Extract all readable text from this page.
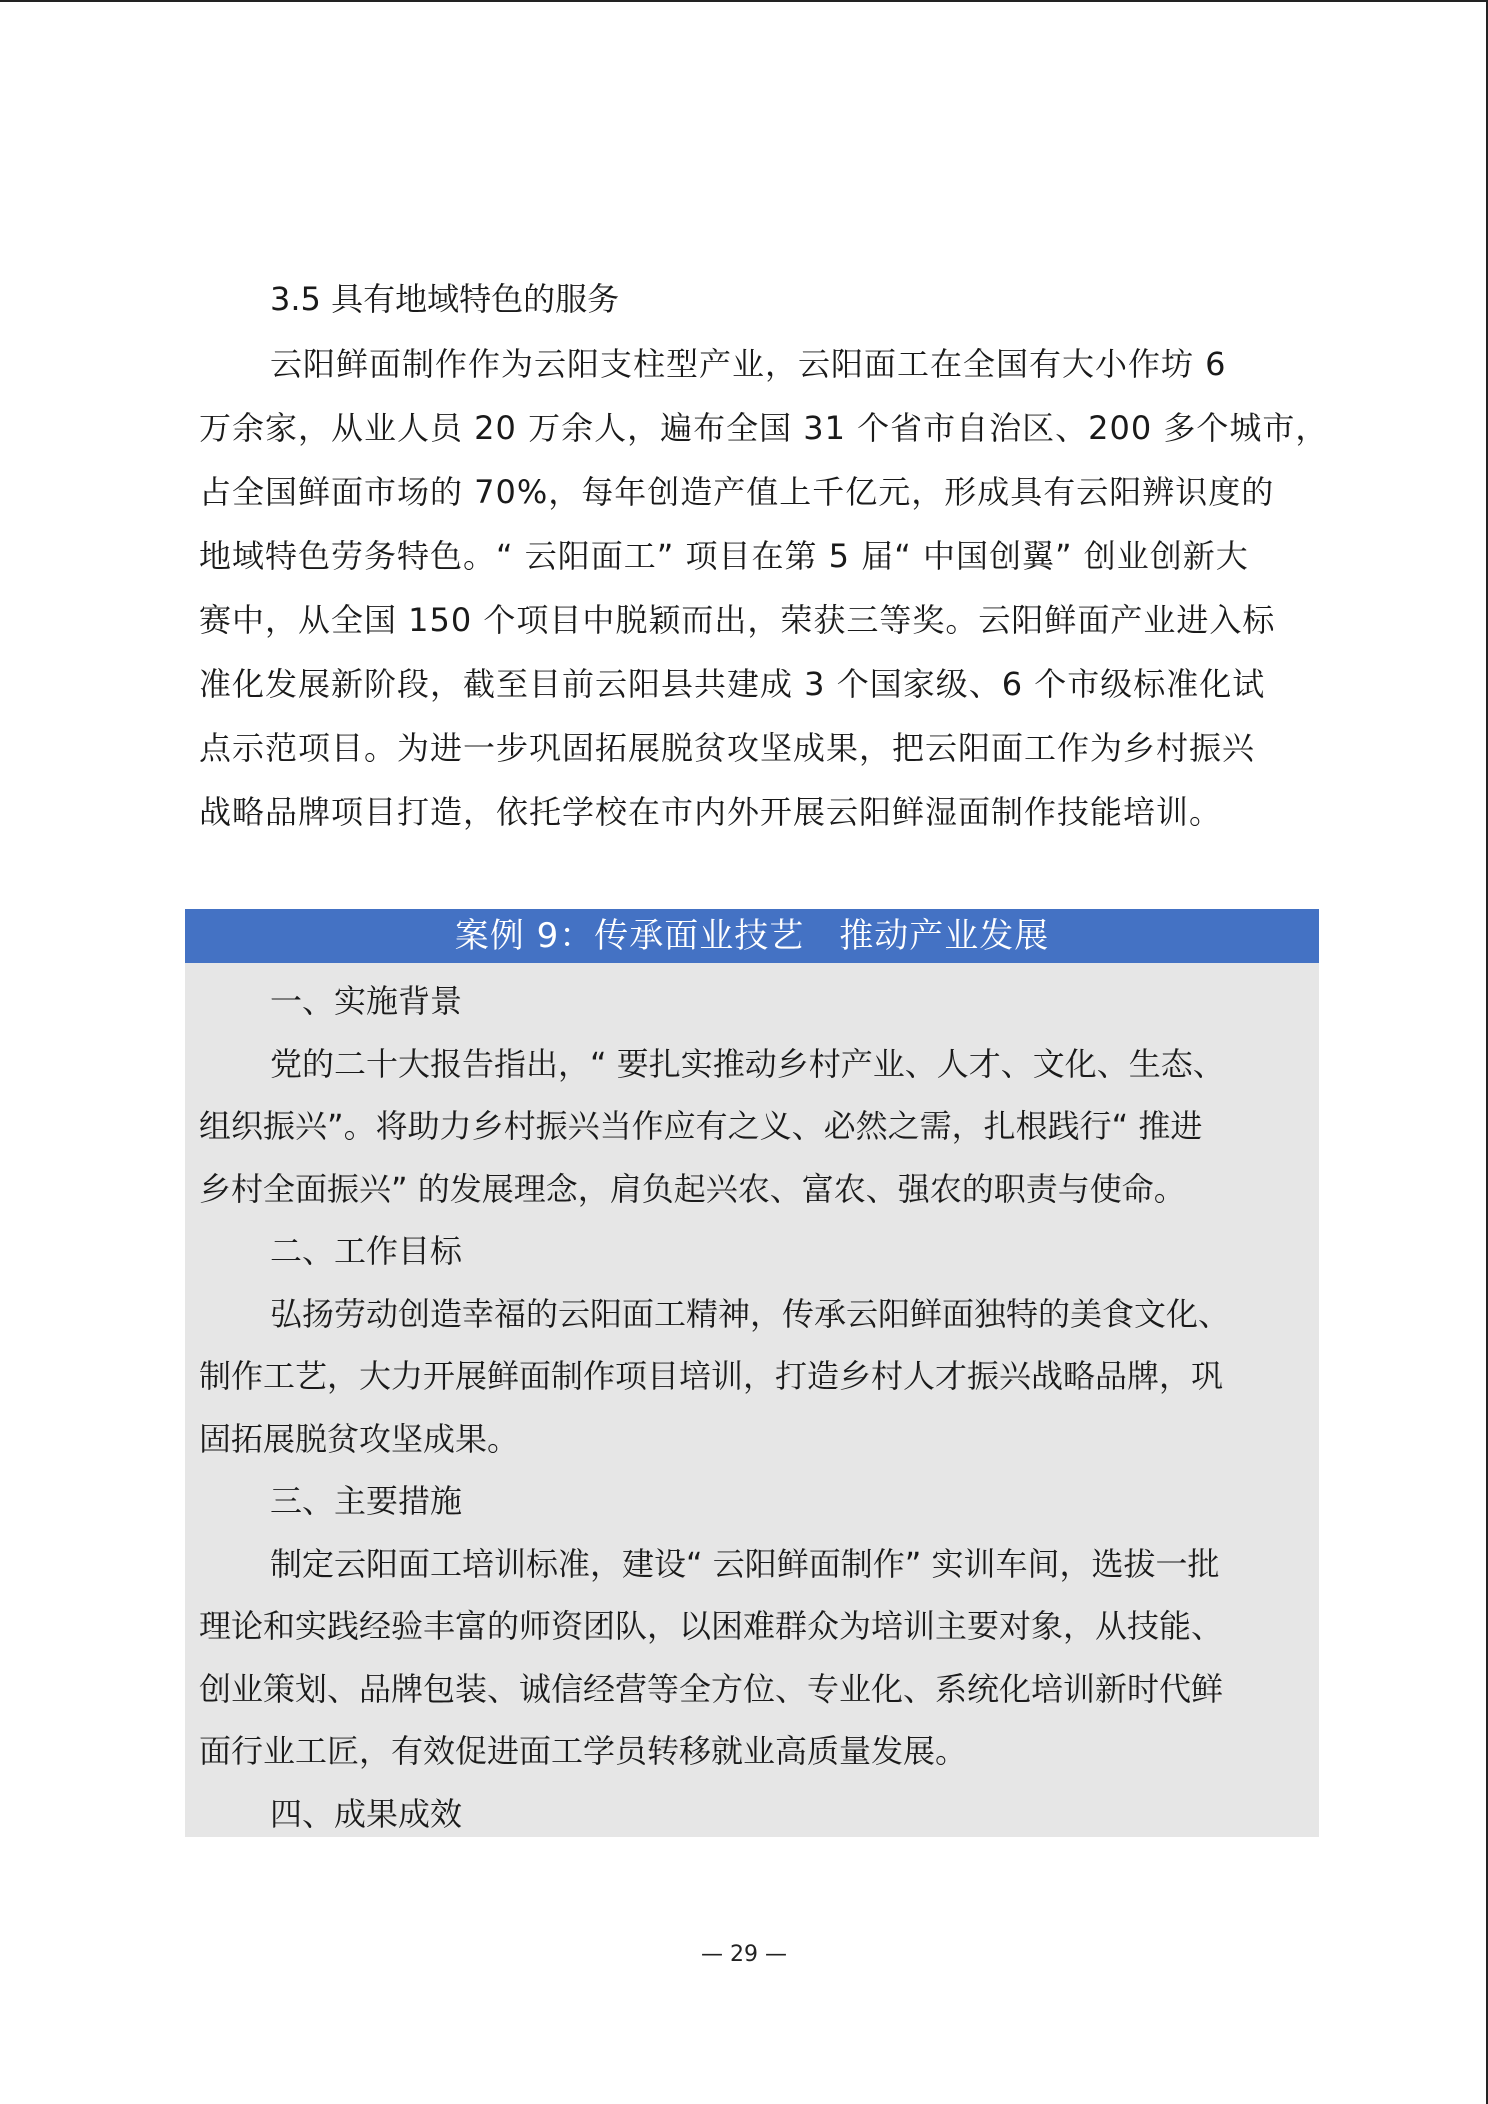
3.5 具有地域特色的服务
云阳鲜面制作作为云阳支柱型产业，云阳面工在全国有大小作坊 6
万余家，从业人员 20 万余人，遍布全国 31 个省市自治区、200 多个城市，
占全国鲜面市场的 70%，每年创造产值上千亿元，形成具有云阳辨识度的
地域特色劳务特色。“ 云阳面工” 项目在第 5 届“ 中国创翼” 创业创新大
赛中，从全国 150 个项目中脱颖而出，荣获三等奖。云阳鲜面产业进入标
准化发展新阶段，截至目前云阳县共建成 3 个国家级、6 个市级标准化试
点示范项目。为进一步巩固拓展脱贫攻坚成果，把云阳面工作为乡村振兴
战略品牌项目打造，依托学校在市内外开展云阳鲜湿面制作技能培训。
案例 9：传承面业技艺　推动产业发展
一、实施背景
党的二十大报告指出，“ 要扎实推动乡村产业、人才、文化、生态、
组织振兴”。将助力乡村振兴当作应有之义、必然之需，扎根践行“ 推进
乡村全面振兴” 的发展理念，肩负起兴农、富农、强农的职责与使命。
二、工作目标
弘扬劳动创造幸福的云阳面工精神，传承云阳鲜面独特的美食文化、
制作工艺，大力开展鲜面制作项目培训，打造乡村人才振兴战略品牌，巩
固拓展脱贫攻坚成果。
三、主要措施
制定云阳面工培训标准，建设“ 云阳鲜面制作” 实训车间，选拔一批
理论和实践经验丰富的师资团队，以困难群众为培训主要对象，从技能、
创业策划、品牌包装、诚信经营等全方位、专业化、系统化培训新时代鲜
面行业工匠，有效促进面工学员转移就业高质量发展。
四、成果成效
— 29 —
